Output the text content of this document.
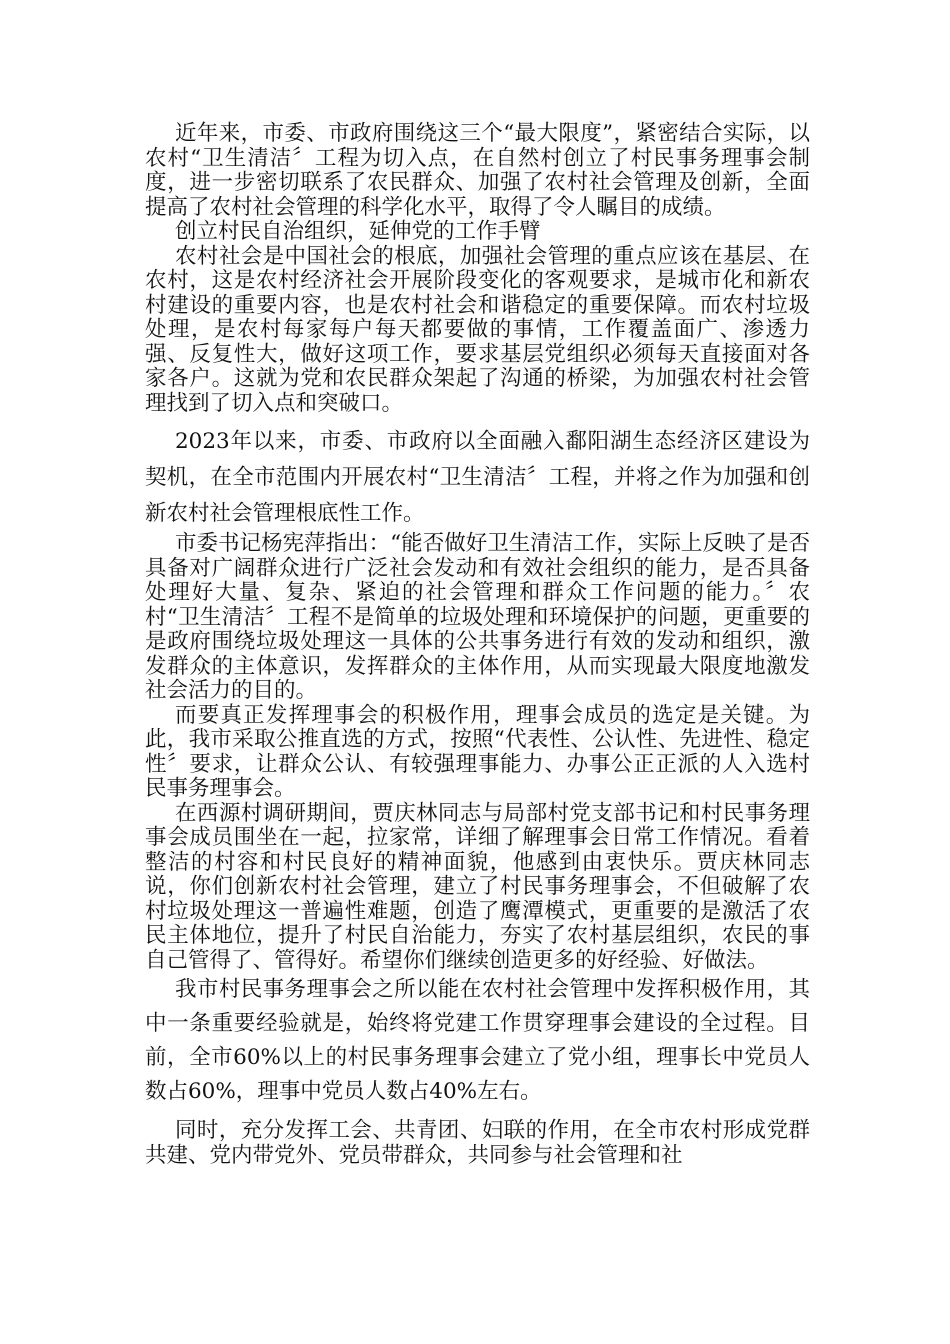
近年来，市委、市政府围绕这三个“最大限度”，紧密结合实际，以农村“卫生清洁〞工程为切入点，在自然村创立了村民事务理事会制度，进一步密切联系了农民群众、加强了农村社会管理及创新，全面提高了农村社会管理的科学化水平，取得了令人瞩目的成绩。

创立村民自治组织，延伸党的工作手臂

农村社会是中国社会的根底，加强社会管理的重点应该在基层、在农村，这是农村经济社会开展阶段变化的客观要求，是城市化和新农村建设的重要内容，也是农村社会和谐稳定的重要保障。而农村垃圾处理，是农村每家每户每天都要做的事情，工作覆盖面广、渗透力强、反复性大，做好这项工作，要求基层党组织必须每天直接面对各家各户。这就为党和农民群众架起了沟通的桥梁，为加强农村社会管理找到了切入点和突破口。

2023年以来，市委、市政府以全面融入鄱阳湖生态经济区建设为契机，在全市范围内开展农村“卫生清洁〞工程，并将之作为加强和创新农村社会管理根底性工作。

市委书记杨宪萍指出：“能否做好卫生清洁工作，实际上反映了是否具备对广阔群众进行广泛社会发动和有效社会组织的能力，是否具备处理好大量、复杂、紧迫的社会管理和群众工作问题的能力。〞农村“卫生清洁〞工程不是简单的垃圾处理和环境保护的问题，更重要的是政府围绕垃圾处理这一具体的公共事务进行有效的发动和组织，激发群众的主体意识，发挥群众的主体作用，从而实现最大限度地激发社会活力的目的。

而要真正发挥理事会的积极作用，理事会成员的选定是关键。为此，我市采取公推直选的方式，按照“代表性、公认性、先进性、稳定性〞要求，让群众公认、有较强理事能力、办事公正正派的人入选村民事务理事会。

在西源村调研期间，贾庆林同志与局部村党支部书记和村民事务理事会成员围坐在一起，拉家常，详细了解理事会日常工作情况。看着整洁的村容和村民良好的精神面貌，他感到由衷快乐。贾庆林同志说，你们创新农村社会管理，建立了村民事务理事会，不但破解了农村垃圾处理这一普遍性难题，创造了鹰潭模式，更重要的是激活了农民主体地位，提升了村民自治能力，夯实了农村基层组织，农民的事自己管得了、管得好。希望你们继续创造更多的好经验、好做法。

我市村民事务理事会之所以能在农村社会管理中发挥积极作用，其中一条重要经验就是，始终将党建工作贯穿理事会建设的全过程。目前，全市60%以上的村民事务理事会建立了党小组，理事长中党员人数占60%，理事中党员人数占40%左右。

同时，充分发挥工会、共青团、妇联的作用，在全市农村形成党群共建、党内带党外、党员带群众，共同参与社会管理和社
